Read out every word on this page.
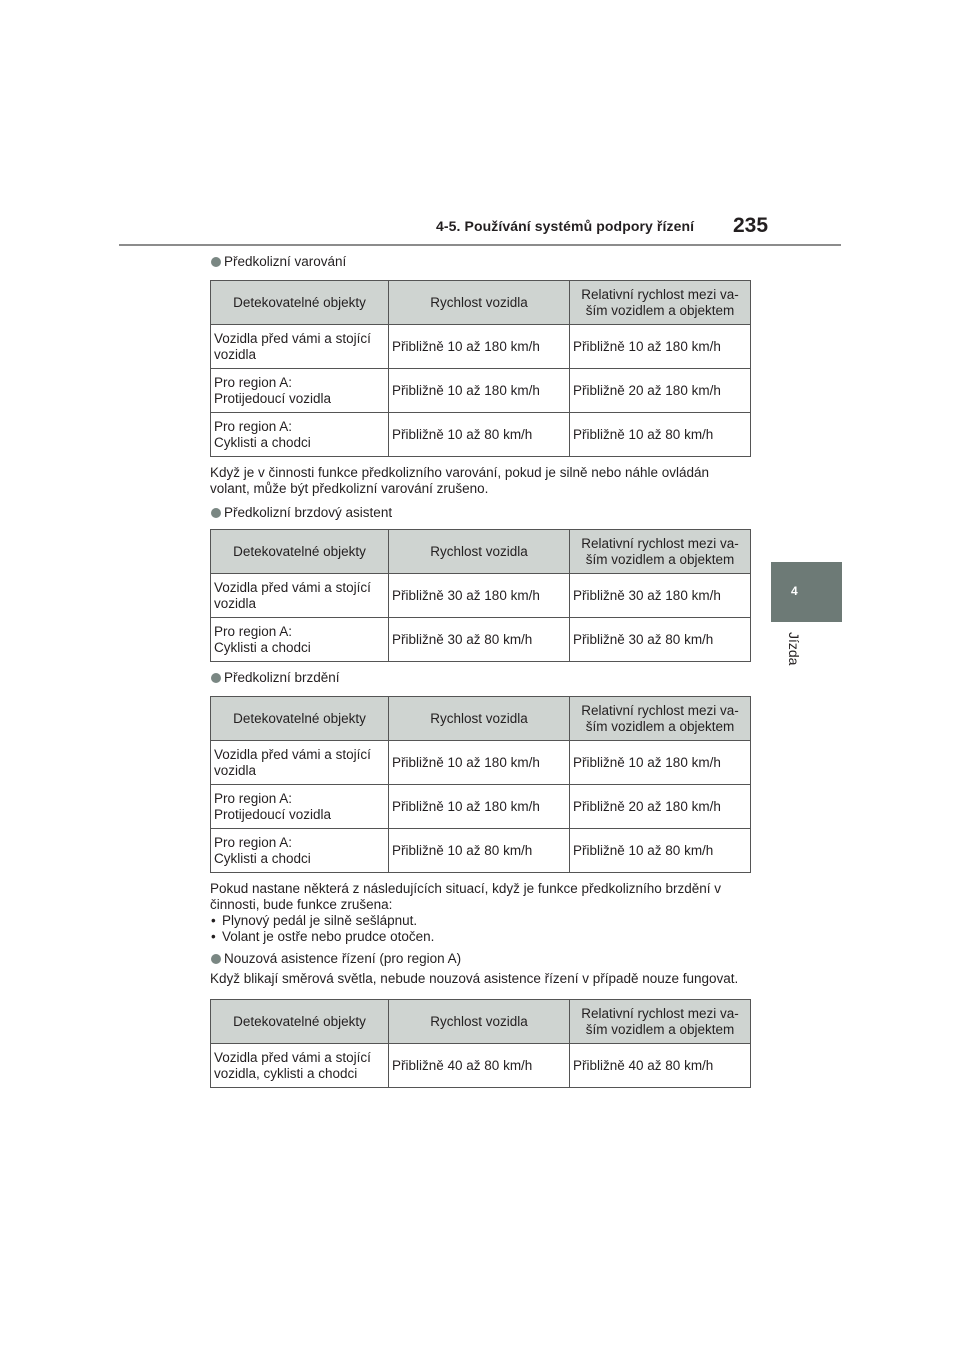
4-5. Používání systémů podpory řízení 235
4
Jízda

Předkolizní varování

Detekovatelné objekty	Rychlost vozidla	Relativní rychlost mezi va-
ším vozidlem a objektem
Vozidla před vámi a stojící
vozidla	Přibližně 10 až 180 km/h	Přibližně 10 až 180 km/h
Pro region A:
Protijedoucí vozidla	Přibližně 10 až 180 km/h	Přibližně 20 až 180 km/h
Pro region A:
Cyklisti a chodci	Přibližně 10 až 80 km/h	Přibližně 10 až 80 km/h

Když je v činnosti funkce předkolizního varování, pokud je silně nebo náhle ovládán volant, může být předkolizní varování zrušeno.

Předkolizní brzdový asistent

Detekovatelné objekty	Rychlost vozidla	Relativní rychlost mezi va-
ším vozidlem a objektem
Vozidla před vámi a stojící
vozidla	Přibližně 30 až 180 km/h	Přibližně 30 až 180 km/h
Pro region A:
Cyklisti a chodci	Přibližně 30 až 80 km/h	Přibližně 30 až 80 km/h

Předkolizní brzdění

Detekovatelné objekty	Rychlost vozidla	Relativní rychlost mezi va-
ším vozidlem a objektem
Vozidla před vámi a stojící
vozidla	Přibližně 10 až 180 km/h	Přibližně 10 až 180 km/h
Pro region A:
Protijedoucí vozidla	Přibližně 10 až 180 km/h	Přibližně 20 až 180 km/h
Pro region A:
Cyklisti a chodci	Přibližně 10 až 80 km/h	Přibližně 10 až 80 km/h

Pokud nastane některá z následujících situací, když je funkce předkolizního brzdění v činnosti, bude funkce zrušena:

• Plynový pedál je silně sešlápnut.

• Volant je ostře nebo prudce otočen.

Nouzová asistence řízení (pro region A)

Když blikají směrová světla, nebude nouzová asistence řízení v případě nouze fungovat.

Detekovatelné objekty	Rychlost vozidla	Relativní rychlost mezi va-
ším vozidlem a objektem
Vozidla před vámi a stojící
vozidla, cyklisti a chodci	Přibližně 40 až 80 km/h	Přibližně 40 až 80 km/h
